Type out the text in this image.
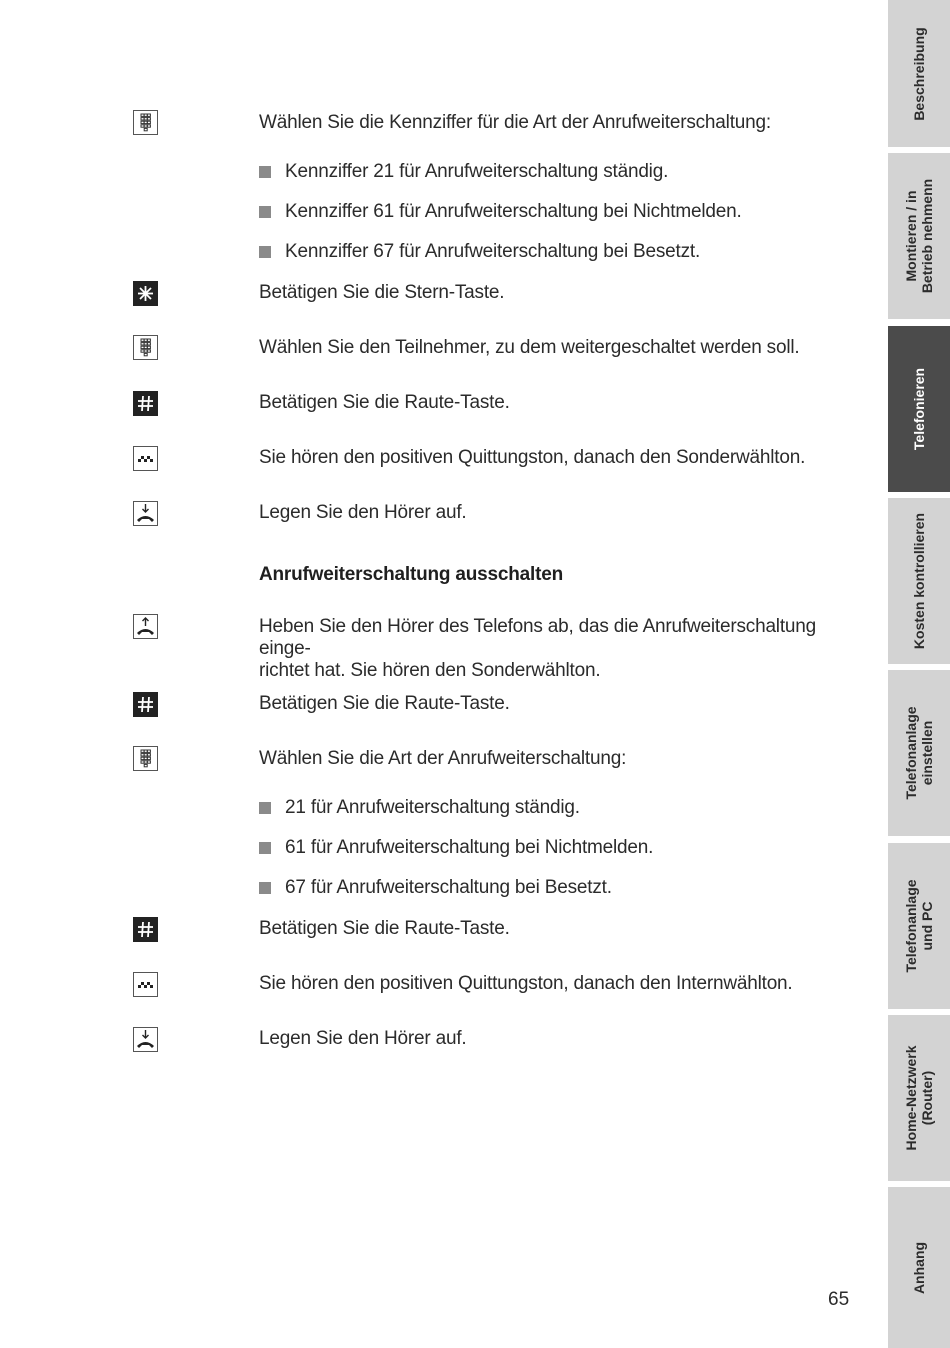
Wählen Sie die Kennziffer für die Art der Anrufweiterschaltung:
Kennziffer 21 für Anrufweiterschaltung ständig.
Kennziffer 61 für Anrufweiterschaltung bei Nichtmelden.
Kennziffer 67 für Anrufweiterschaltung bei Besetzt.
Betätigen Sie die Stern-Taste.
Wählen Sie den Teilnehmer, zu dem weitergeschaltet werden soll.
Betätigen Sie die Raute-Taste.
Sie hören den positiven Quittungston, danach den Sonderwählton.
Legen Sie den Hörer auf.
Anrufweiterschaltung ausschalten
Heben Sie den Hörer des Telefons ab, das die Anrufweiterschaltung einge-
richtet hat. Sie hören den Sonderwählton.
Betätigen Sie die Raute-Taste.
Wählen Sie die Art der Anrufweiterschaltung:
21 für Anrufweiterschaltung ständig.
61 für Anrufweiterschaltung bei Nichtmelden.
67 für Anrufweiterschaltung bei Besetzt.
Betätigen Sie die Raute-Taste.
Sie hören den positiven Quittungston, danach den Internwählton.
Legen Sie den Hörer auf.
65
Beschreibung
Montieren / in Betrieb nehmenn
Telefonieren
Kosten kontrollieren
Telefonanlage einstellen
Telefonanlage und PC
Home-Netzwerk (Router)
Anhang
